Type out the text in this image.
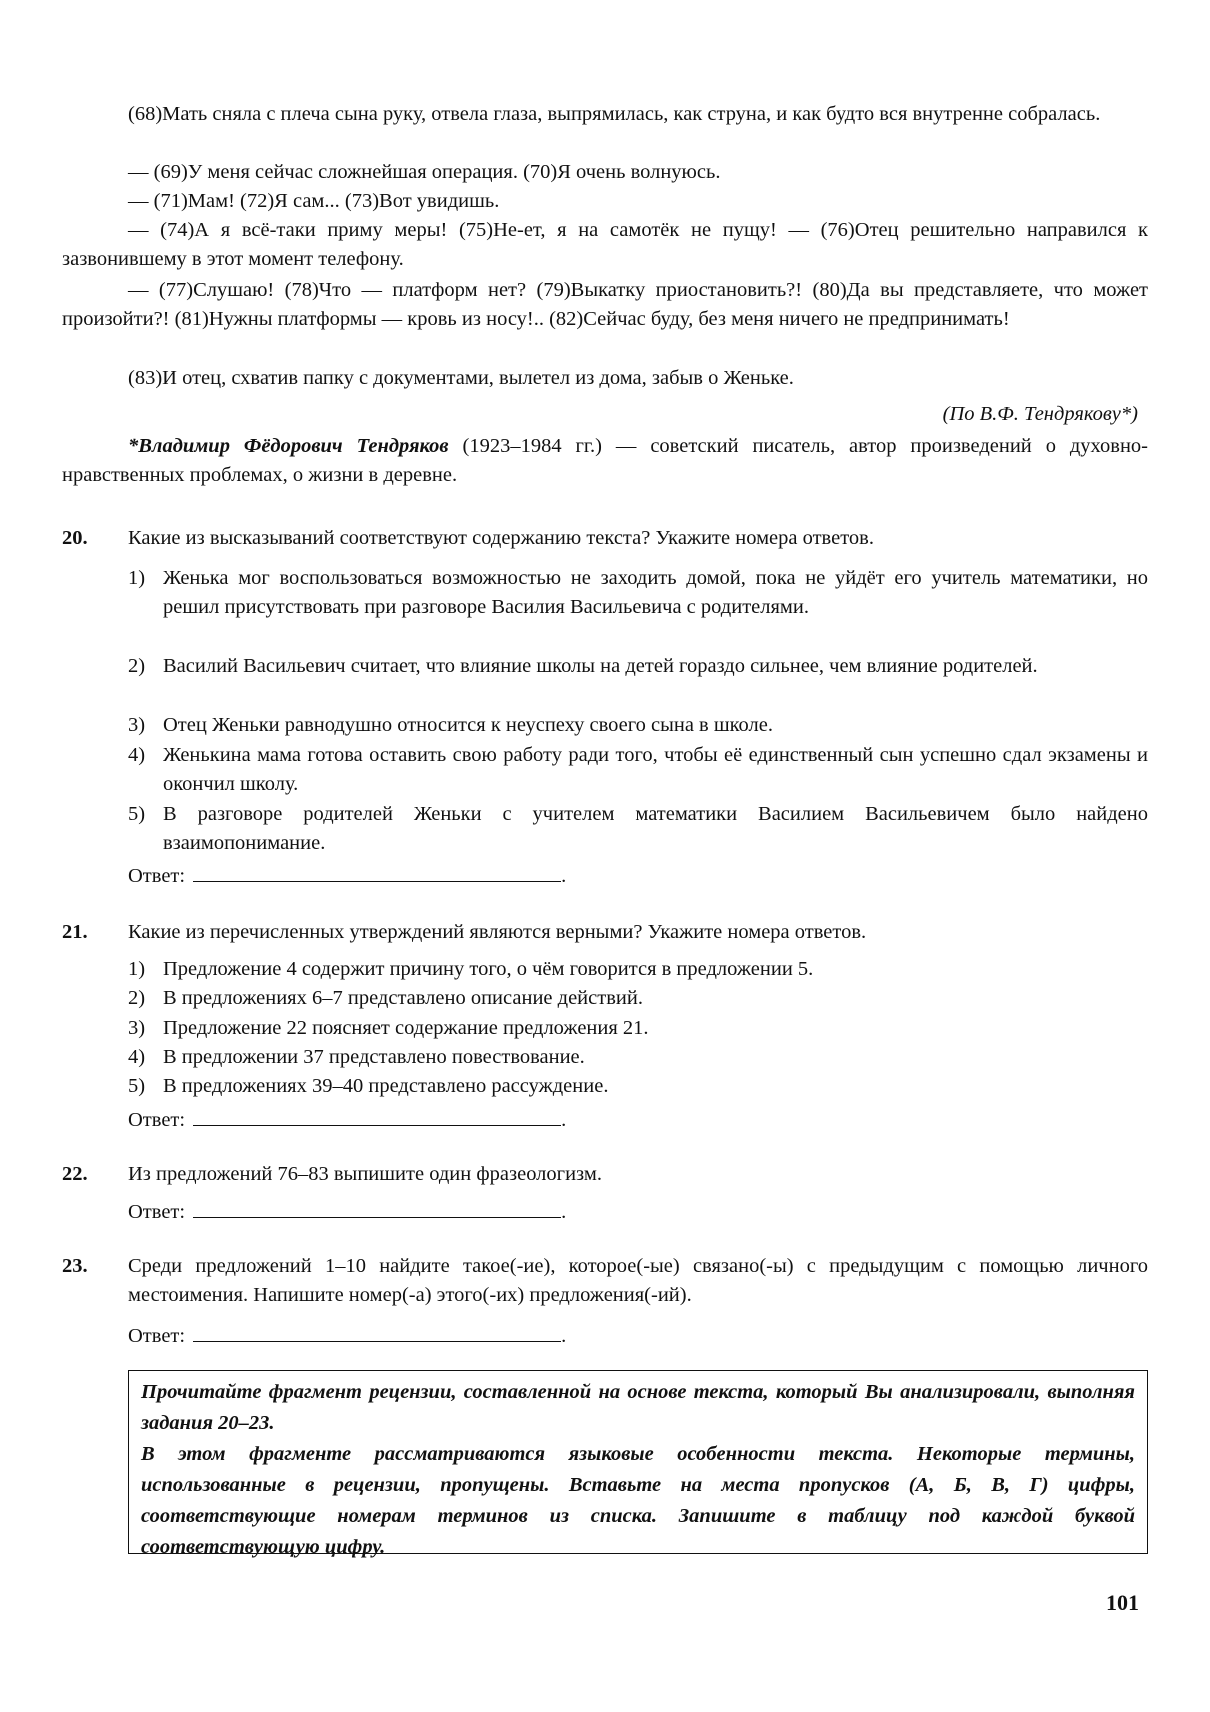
(68)Мать сняла с плеча сына руку, отвела глаза, выпрямилась, как струна, и как будто вся внутренне собралась.

— (69)У меня сейчас сложнейшая операция. (70)Я очень волнуюсь.

— (71)Мам! (72)Я сам... (73)Вот увидишь.

— (74)А я всё-таки приму меры! (75)Не-ет, я на самотёк не пущу! — (76)Отец решительно направился к зазвонившему в этот момент телефону.

— (77)Слушаю! (78)Что — платформ нет? (79)Выкатку приостановить?! (80)Да вы представляете, что может произойти?! (81)Нужны платформы — кровь из носу!.. (82)Сейчас буду, без меня ничего не предпринимать!

(83)И отец, схватив папку с документами, вылетел из дома, забыв о Женьке.

(По В.Ф. Тендрякову*)

*Владимир Фёдорович Тендряков (1923–1984 гг.) — советский писатель, автор произведений о духовно-нравственных проблемах, о жизни в деревне.

20. Какие из высказываний соответствуют содержанию текста? Укажите номера ответов.
1) Женька мог воспользоваться возможностью не заходить домой, пока не уйдёт его учитель математики, но решил присутствовать при разговоре Василия Васильевича с родителями.
2) Василий Васильевич считает, что влияние школы на детей гораздо сильнее, чем влияние родителей.
3) Отец Женьки равнодушно относится к неуспеху своего сына в школе.
4) Женькина мама готова оставить свою работу ради того, чтобы её единственный сын успешно сдал экзамены и окончил школу.
5) В разговоре родителей Женьки с учителем математики Василием Васильевичем было найдено взаимопонимание.
Ответ:	.
21. Какие из перечисленных утверждений являются верными? Укажите номера ответов.
1) Предложение 4 содержит причину того, о чём говорится в предложении 5.
2) В предложениях 6–7 представлено описание действий.
3) Предложение 22 поясняет содержание предложения 21.
4) В предложении 37 представлено повествование.
5) В предложениях 39–40 представлено рассуждение.
Ответ:	.
22. Из предложений 76–83 выпишите один фразеологизм.
Ответ:	.
23. Среди предложений 1–10 найдите такое(-ие), которое(-ые) связано(-ы) с предыдущим с помощью личного местоимения. Напишите номер(-а) этого(-их) предложения(-ий).
Ответ:	.
Прочитайте фрагмент рецензии, составленной на основе текста, который Вы анализировали, выполняя задания 20–23.
В этом фрагменте рассматриваются языковые особенности текста. Некоторые термины, использованные в рецензии, пропущены. Вставьте на места пропусков (А, Б, В, Г) цифры, соответствующие номерам терминов из списка. Запишите в таблицу под каждой буквой соответствующую цифру.
101
